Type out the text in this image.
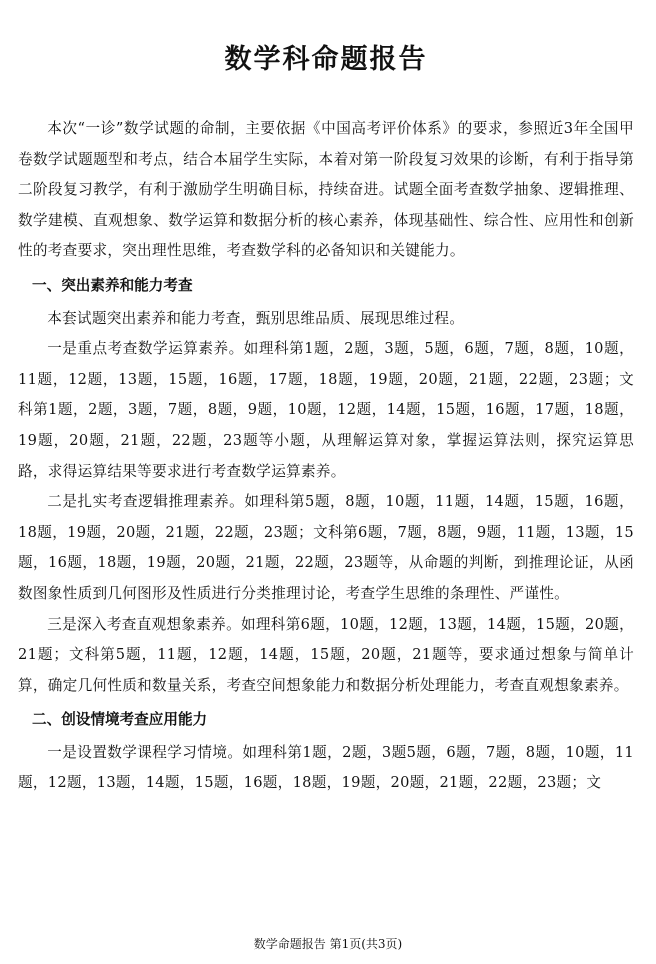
数学科命题报告

本次“一诊”数学试题的命制，主要依据《中国高考评价体系》的要求，参照近3年全国甲卷数学试题题型和考点，结合本届学生实际，本着对第一阶段复习效果的诊断，有利于指导第二阶段复习教学，有利于激励学生明确目标，持续奋进。试题全面考查数学抽象、逻辑推理、数学建模、直观想象、数学运算和数据分析的核心素养，体现基础性、综合性、应用性和创新性的考查要求，突出理性思维，考查数学科的必备知识和关键能力。

一、突出素养和能力考查

本套试题突出素养和能力考查，甄别思维品质、展现思维过程。

一是重点考查数学运算素养。如理科第1题，2题，3题，5题，6题，7题，8题，10题，11题，12题，13题，15题，16题，17题，18题，19题，20题，21题，22题，23题；文科第1题，2题，3题，7题，8题，9题，10题，12题，14题，15题，16题，17题，18题，19题，20题，21题，22题，23题等小题，从理解运算对象，掌握运算法则，探究运算思路，求得运算结果等要求进行考查数学运算素养。

二是扎实考查逻辑推理素养。如理科第5题，8题，10题，11题，14题，15题，16题，18题，19题，20题，21题，22题，23题；文科第6题，7题，8题，9题，11题，13题，15题，16题，18题，19题，20题，21题，22题，23题等，从命题的判断，到推理论证，从函数图象性质到几何图形及性质进行分类推理讨论，考查学生思维的条理性、严谨性。

三是深入考查直观想象素养。如理科第6题，10题，12题，13题，14题，15题，20题，21题；文科第5题，11题，12题，14题，15题，20题，21题等，要求通过想象与简单计算，确定几何性质和数量关系，考查空间想象能力和数据分析处理能力，考查直观想象素养。

二、创设情境考查应用能力

一是设置数学课程学习情境。如理科第1题，2题，3题5题，6题，7题，8题，10题，11题，12题，13题，14题，15题，16题，18题，19题，20题，21题，22题，23题；文

数学命题报告 第1页(共3页)
